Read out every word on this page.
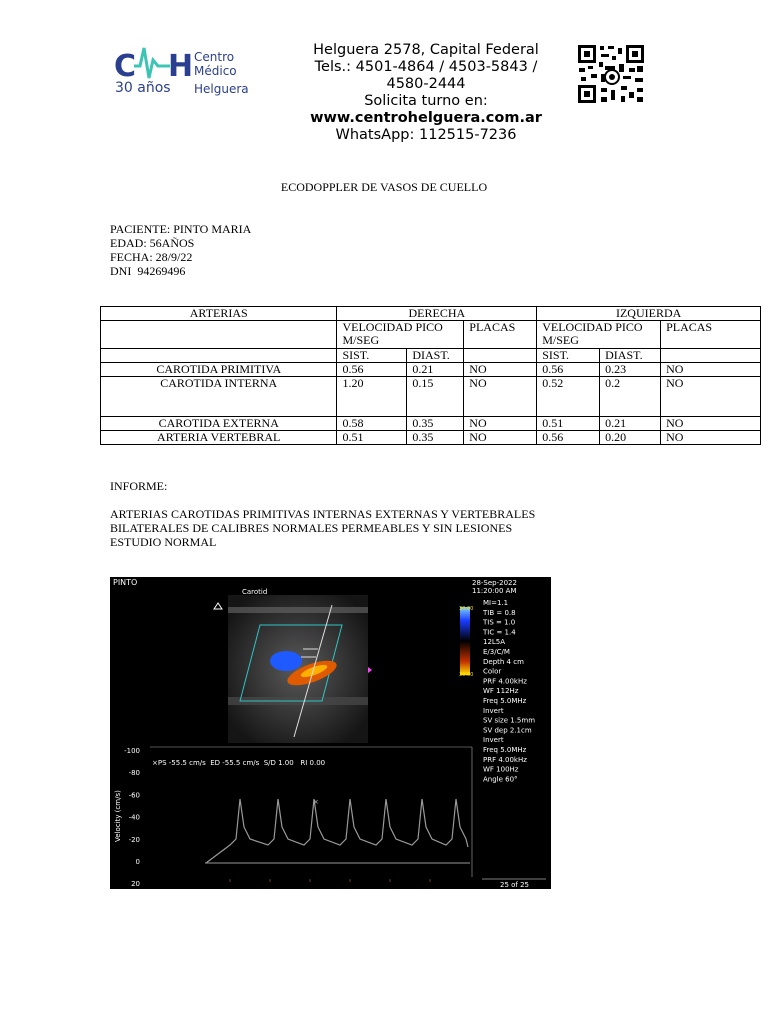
C H Centro
Médico
30 años Helguera
Helguera 2578, Capital Federal
Tels.: 4501-4864 / 4503-5843 /
4580-2444
Solicita turno en:
www.centrohelguera.com.ar
WhatsApp: 112515-7236
ECODOPPLER DE VASOS DE CUELLO
PACIENTE: PINTO MARIA
EDAD: 56AÑOS
FECHA: 28/9/22
DNI  94269496
ARTERIAS	DERECHA			IZQUIERDA		
	VELOCIDAD PICO M/SEG		PLACAS	VELOCIDAD PICO M/SEG		PLACAS
	SIST.	DIAST.		SIST.	DIAST.	
CAROTIDA PRIMITIVA	0.56	0.21	NO	0.56	0.23	NO
CAROTIDA INTERNA	1.20	0.15	NO	0.52	0.2	NO
CAROTIDA EXTERNA	0.58	0.35	NO	0.51	0.21	NO
ARTERIA VERTEBRAL	0.51	0.35	NO	0.56	0.20	NO
INFORME:
ARTERIAS CAROTIDAS PRIMITIVAS INTERNAS EXTERNAS Y VERTEBRALES
BILATERALES DE CALIBRES NORMALES PERMEABLES Y SIN LESIONES
ESTUDIO NORMAL
30.00
30.00
PINTO
Carotid
28-Sep-2022
11:20:00 AM
MI=1.1
TIB = 0.8
TIS = 1.0
TIC = 1.4
12L5A
E/3/C/M
Depth 4 cm
Color
PRF 4.00kHz
WF 112Hz
Freq 5.0MHz
Invert
SV size 1.5mm
SV dep 2.1cm
Invert
Freq 5.0MHz
PRF 4.00kHz
WF 100Hz
Angle 60°
×PS -55.5 cm/s  ED -55.5 cm/s  S/D 1.00   RI 0.00
-100
-80
-60
-40
-20
0
20
Velocity (cm/s)	×
25 of 25
